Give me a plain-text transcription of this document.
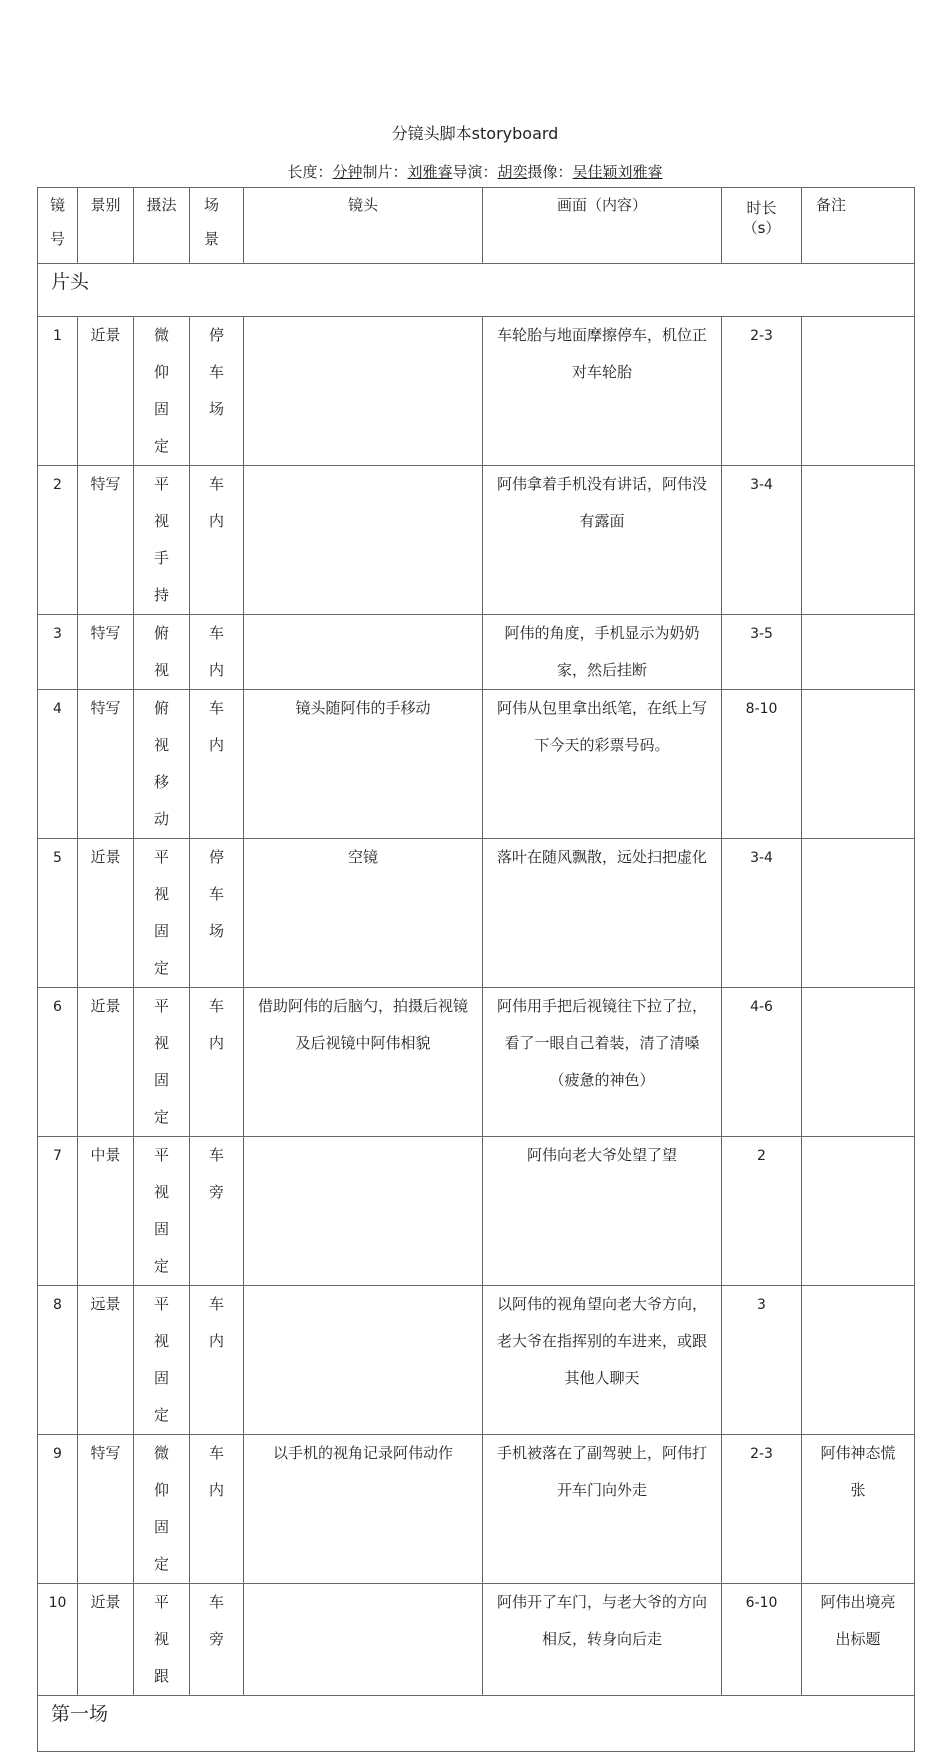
分镜头脚本storyboard
长度：分钟制片：刘雅睿导演：胡奕摄像：吴佳颖刘雅睿
镜号	景别	摄法	场景	镜头	画面（内容）	时长（s）	备注
片头							
1	近景	微仰固定	停车场		车轮胎与地面摩擦停车，机位正对车轮胎	2-3	
2	特写	平视手持	车内		阿伟拿着手机没有讲话，阿伟没有露面	3-4	
3	特写	俯视	车内		阿伟的角度，手机显示为奶奶家，然后挂断	3-5	
4	特写	俯视移动	车内	镜头随阿伟的手移动	阿伟从包里拿出纸笔，在纸上写下今天的彩票号码。	8-10	
5	近景	平视固定	停车场	空镜	落叶在随风飘散，远处扫把虚化	3-4	
6	近景	平视固定	车内	借助阿伟的后脑勺，拍摄后视镜及后视镜中阿伟相貌	阿伟用手把后视镜往下拉了拉，看了一眼自己着装，清了清嗓（疲惫的神色）	4-6	
7	中景	平视固定	车旁		阿伟向老大爷处望了望	2	
8	远景	平视固定	车内		以阿伟的视角望向老大爷方向，老大爷在指挥别的车进来，或跟其他人聊天	3	
9	特写	微仰固定	车内	以手机的视角记录阿伟动作	手机被落在了副驾驶上，阿伟打开车门向外走	2-3	阿伟神态慌张
10	近景	平视跟	车旁		阿伟开了车门，与老大爷的方向相反，转身向后走	6-10	阿伟出境亮出标题
第一场							
